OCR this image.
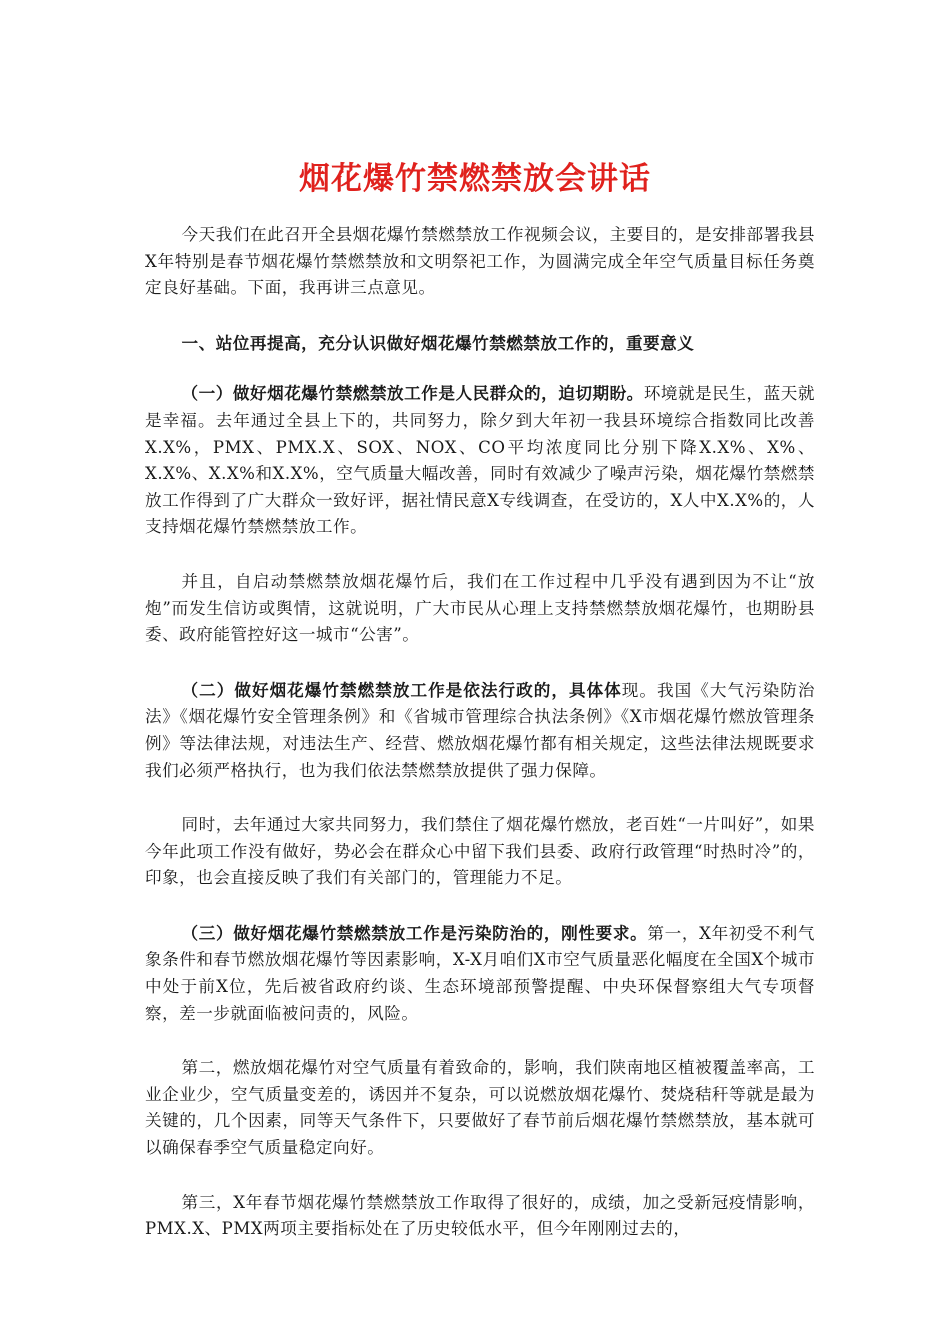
烟花爆竹禁燃禁放会讲话

今天我们在此召开全县烟花爆竹禁燃禁放工作视频会议，主要目的，是安排部署我县X年特别是春节烟花爆竹禁燃禁放和文明祭祀工作，为圆满完成全年空气质量目标任务奠定良好基础。下面，我再讲三点意见。

一、站位再提高，充分认识做好烟花爆竹禁燃禁放工作的，重要意义

（一）做好烟花爆竹禁燃禁放工作是人民群众的，迫切期盼。环境就是民生，蓝天就是幸福。去年通过全县上下的，共同努力，除夕到大年初一我县环境综合指数同比改善X.X%，PMX、PMX.X、SOX、NOX、CO平均浓度同比分别下降X.X%、X%、X.X%、X.X%和X.X%，空气质量大幅改善，同时有效减少了噪声污染，烟花爆竹禁燃禁放工作得到了广大群众一致好评，据社情民意X专线调查，在受访的，X人中X.X%的，人支持烟花爆竹禁燃禁放工作。

并且，自启动禁燃禁放烟花爆竹后，我们在工作过程中几乎没有遇到因为不让“放炮”而发生信访或舆情，这就说明，广大市民从心理上支持禁燃禁放烟花爆竹，也期盼县委、政府能管控好这一城市“公害”。

（二）做好烟花爆竹禁燃禁放工作是依法行政的，具体体现。我国《大气污染防治法》《烟花爆竹安全管理条例》和《省城市管理综合执法条例》《X市烟花爆竹燃放管理条例》等法律法规，对违法生产、经营、燃放烟花爆竹都有相关规定，这些法律法规既要求我们必须严格执行，也为我们依法禁燃禁放提供了强力保障。

同时，去年通过大家共同努力，我们禁住了烟花爆竹燃放，老百姓“一片叫好”，如果今年此项工作没有做好，势必会在群众心中留下我们县委、政府行政管理“时热时冷”的，印象，也会直接反映了我们有关部门的，管理能力不足。

（三）做好烟花爆竹禁燃禁放工作是污染防治的，刚性要求。第一，X年初受不利气象条件和春节燃放烟花爆竹等因素影响，X-X月咱们X市空气质量恶化幅度在全国X个城市中处于前X位，先后被省政府约谈、生态环境部预警提醒、中央环保督察组大气专项督察，差一步就面临被问责的，风险。

第二，燃放烟花爆竹对空气质量有着致命的，影响，我们陕南地区植被覆盖率高，工业企业少，空气质量变差的，诱因并不复杂，可以说燃放烟花爆竹、焚烧秸秆等就是最为关键的，几个因素，同等天气条件下，只要做好了春节前后烟花爆竹禁燃禁放，基本就可以确保春季空气质量稳定向好。

第三，X年春节烟花爆竹禁燃禁放工作取得了很好的，成绩，加之受新冠疫情影响，PMX.X、PMX两项主要指标处在了历史较低水平，但今年刚刚过去的，
